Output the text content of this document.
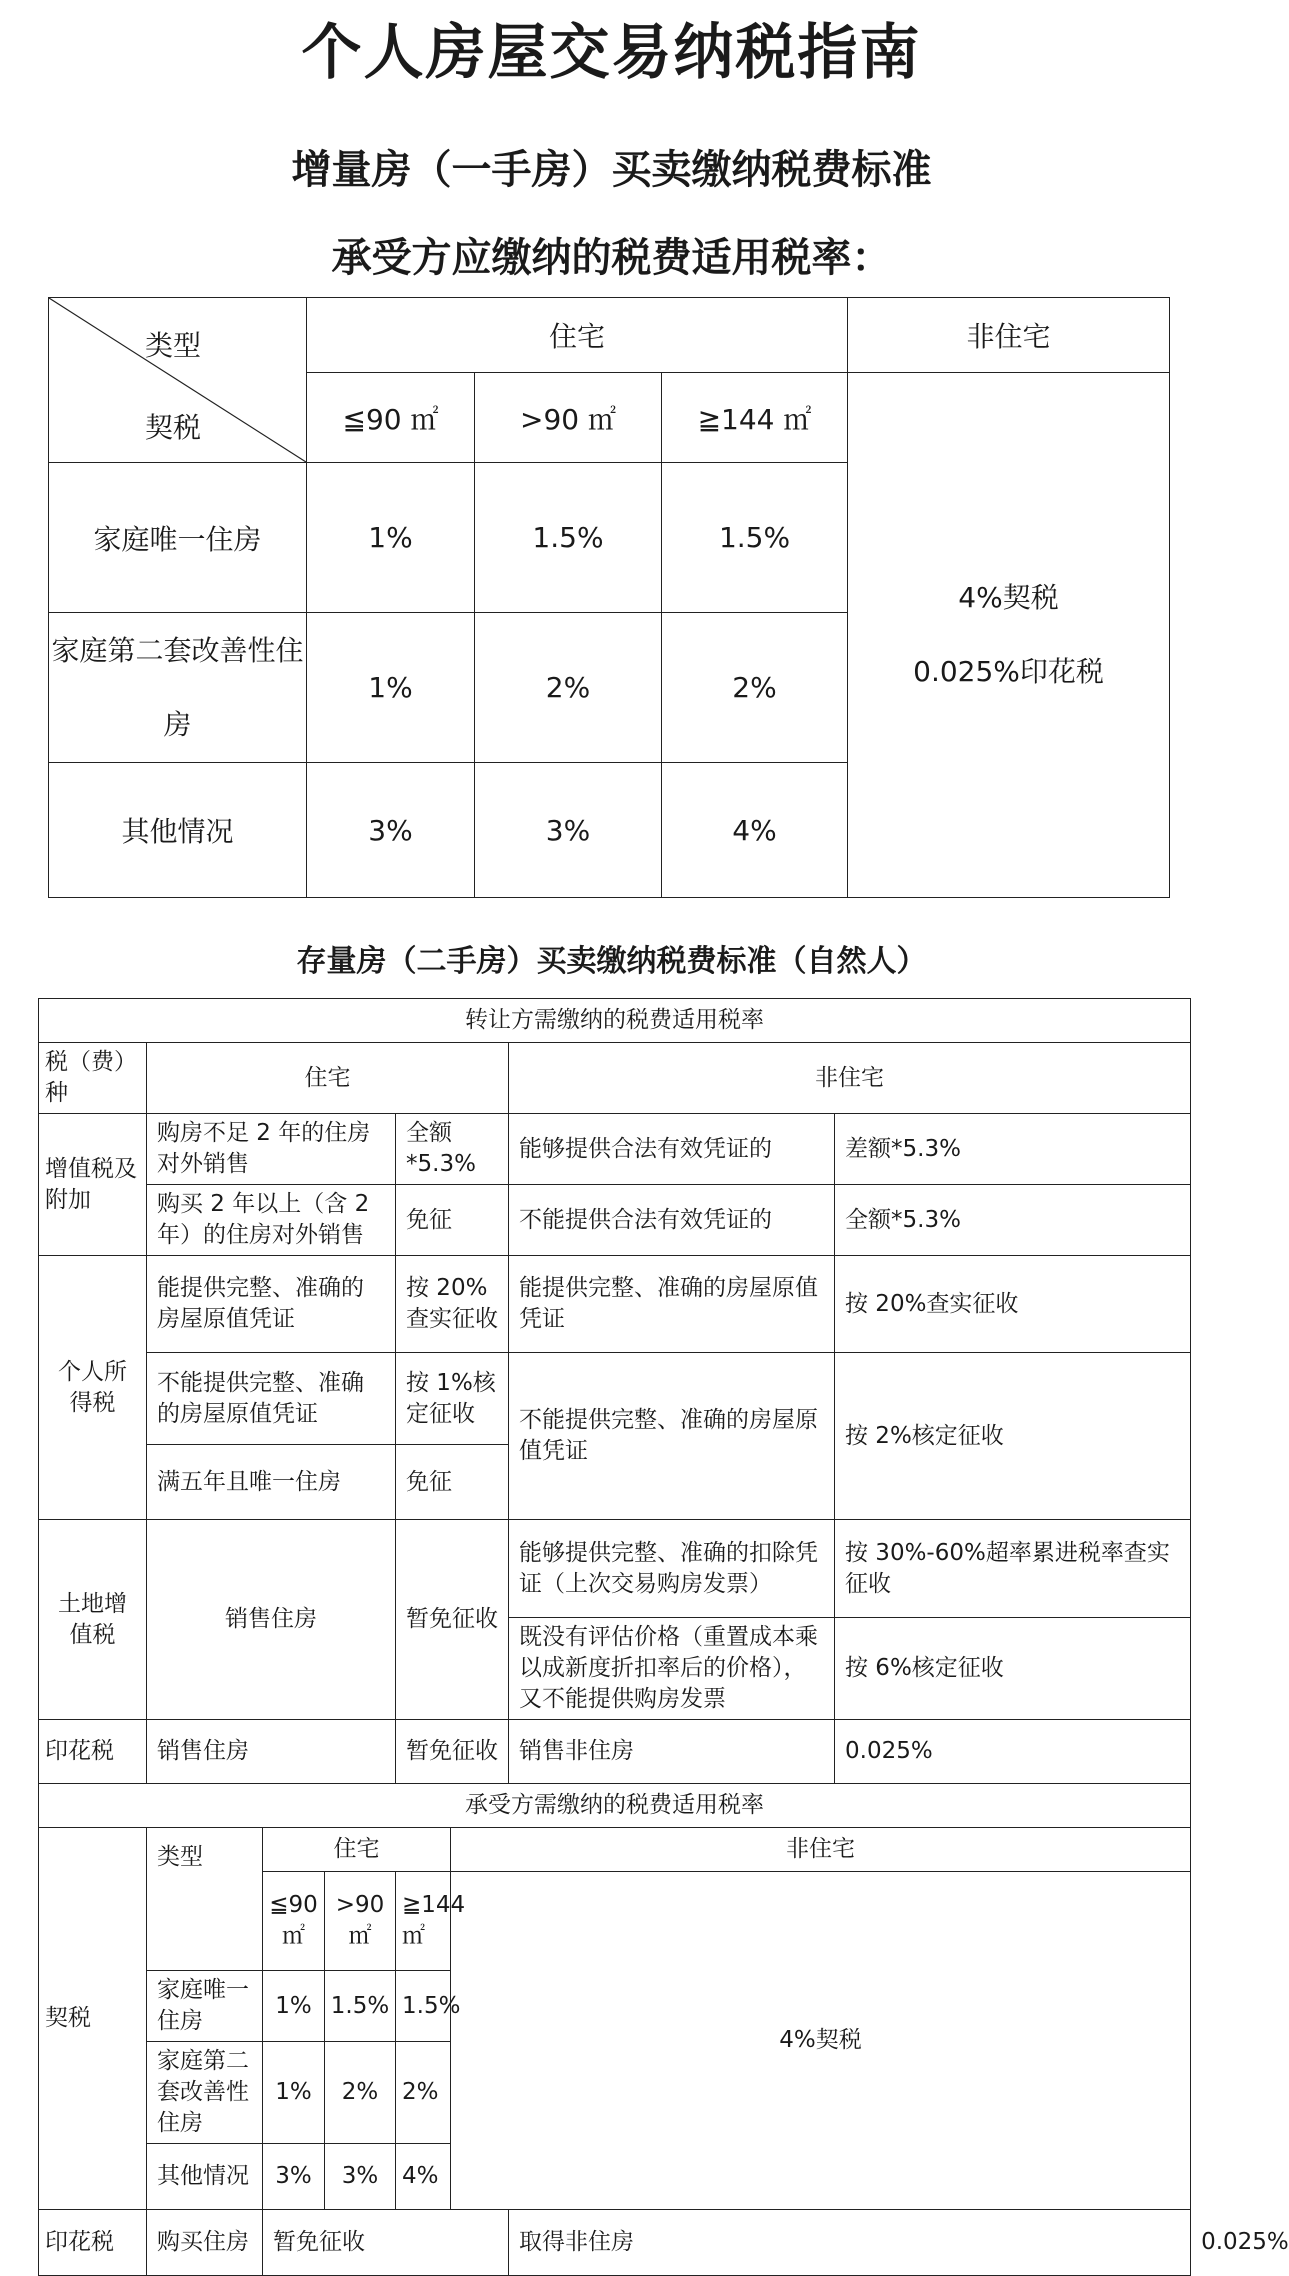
个人房屋交易纳税指南
增量房（一手房）买卖缴纳税费标准
承受方应缴纳的税费适用税率：
类型
契税	住宅			非住宅
	≦90 ㎡	>90 ㎡	≧144 ㎡	4%契税
0.025%印花税

家庭唯一住房	1%	1.5%	1.5%	
家庭第二套改善性住房	1%	2%	2%	
其他情况	3%	3%	4%	
存量房（二手房）买卖缴纳税费标准（自然人）
转让方需缴纳的税费适用税率								
税（费）种	住宅					非住宅		
增值税及附加	购房不足 2 年的住房对外销售			全额*5.3%		能够提供合法有效凭证的	差额*5.3%	
	购买 2 年以上（含 2 年）的住房对外销售			免征		不能提供合法有效凭证的	全额*5.3%	
个人所得税	能提供完整、准确的房屋原值凭证			按 20%查实征收		能提供完整、准确的房屋原值凭证	按 20%查实征收	
	不能提供完整、准确的房屋原值凭证			按 1%核定征收		不能提供完整、准确的房屋原值凭证	按 2%核定征收	
	满五年且唯一住房			免征				
土地增值税	销售住房			暂免征收		能够提供完整、准确的扣除凭证（上次交易购房发票）	按 30%-60%超率累进税率查实征收	
						既没有评估价格（重置成本乘以成新度折扣率后的价格），又不能提供购房发票	按 6%核定征收	
印花税	销售住房			暂免征收		销售非住房	0.025%	
承受方需缴纳的税费适用税率								
契税	类型	住宅			非住宅			
		≦90㎡	>90㎡	≧144 ㎡	4%契税			
	家庭唯一住房	1%	1.5%	1.5%				
	家庭第二套改善性住房	1%	2%	2%				
	其他情况	3%	3%	4%				
印花税	购买住房	暂免征收				取得非住房		0.025%
